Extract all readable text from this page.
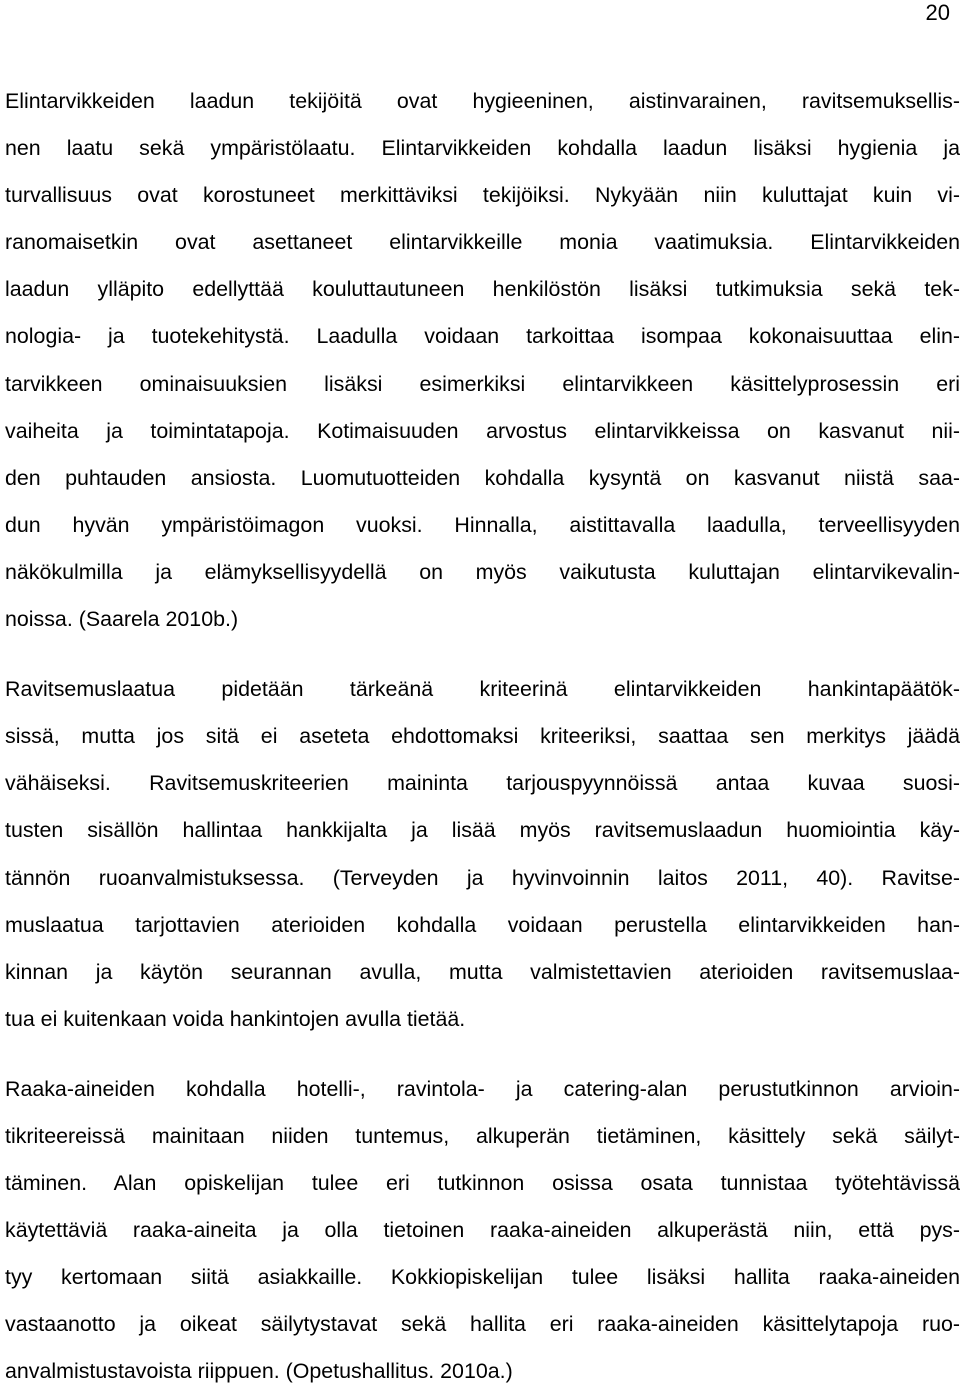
20

Elintarvikkeiden laadun tekijöitä ovat hygieeninen, aistinvarainen, ravitsemuksellis-
nen laatu sekä ympäristölaatu. Elintarvikkeiden kohdalla laadun lisäksi hygienia ja
turvallisuus ovat korostuneet merkittäviksi tekijöiksi. Nykyään niin kuluttajat kuin vi-
ranomaisetkin ovat asettaneet elintarvikkeille monia vaatimuksia. Elintarvikkeiden
laadun ylläpito edellyttää kouluttautuneen henkilöstön lisäksi tutkimuksia sekä tek-
nologia- ja tuotekehitystä. Laadulla voidaan tarkoittaa isompaa kokonaisuuttaa elin-
tarvikkeen ominaisuuksien lisäksi esimerkiksi elintarvikkeen käsittelyprosessin eri
vaiheita ja toimintatapoja. Kotimaisuuden arvostus elintarvikkeissa on kasvanut nii-
den puhtauden ansiosta. Luomutuotteiden kohdalla kysyntä on kasvanut niistä saa-
dun hyvän ympäristöimagon vuoksi. Hinnalla, aistittavalla laadulla, terveellisyyden
näkökulmilla ja elämyksellisyydellä on myös vaikutusta kuluttajan elintarvikevalin-
noissa. (Saarela 2010b.)

Ravitsemuslaatua pidetään tärkeänä kriteerinä elintarvikkeiden hankintapäätök-
sissä, mutta jos sitä ei aseteta ehdottomaksi kriteeriksi, saattaa sen merkitys jäädä
vähäiseksi. Ravitsemuskriteerien maininta tarjouspyynnöissä antaa kuvaa suosi-
tusten sisällön hallintaa hankkijalta ja lisää myös ravitsemuslaadun huomiointia käy-
tännön ruoanvalmistuksessa. (Terveyden ja hyvinvoinnin laitos 2011, 40). Ravitse-
muslaatua tarjottavien aterioiden kohdalla voidaan perustella elintarvikkeiden han-
kinnan ja käytön seurannan avulla, mutta valmistettavien aterioiden ravitsemuslaa-
tua ei kuitenkaan voida hankintojen avulla tietää.

Raaka-aineiden kohdalla hotelli-, ravintola- ja catering-alan perustutkinnon arvioin-
tikriteereissä mainitaan niiden tuntemus, alkuperän tietäminen, käsittely sekä säilyt-
täminen. Alan opiskelijan tulee eri tutkinnon osissa osata tunnistaa työtehtävissä
käytettäviä raaka-aineita ja olla tietoinen raaka-aineiden alkuperästä niin, että pys-
tyy kertomaan siitä asiakkaille. Kokkiopiskelijan tulee lisäksi hallita raaka-aineiden
vastaanotto ja oikeat säilytystavat sekä hallita eri raaka-aineiden käsittelytapoja ruo-
anvalmistustavoista riippuen. (Opetushallitus. 2010a.)
